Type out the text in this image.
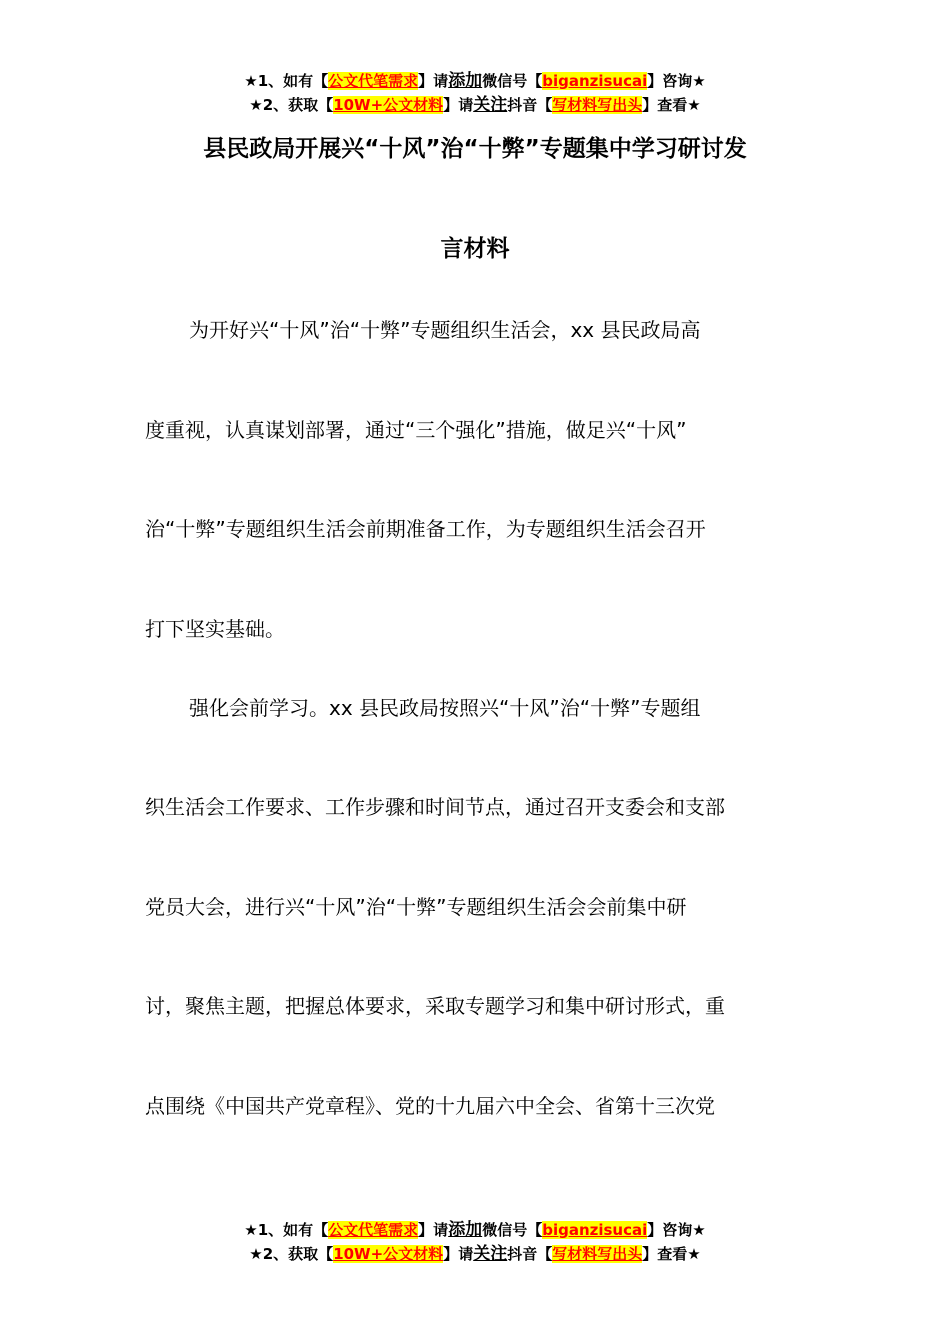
★1、如有【公文代笔需求】请添加微信号【biganzisucai】咨询★
★2、获取【10W+公文材料】请关注抖音【写材料写出头】查看★
县民政局开展兴“十风”治“十弊”专题集中学习研讨发
言材料
为开好兴“十风”治“十弊”专题组织生活会，xx 县民政局高
度重视，认真谋划部署，通过“三个强化”措施，做足兴“十风”
治“十弊”专题组织生活会前期准备工作，为专题组织生活会召开
打下坚实基础。
强化会前学习。xx 县民政局按照兴“十风”治“十弊”专题组
织生活会工作要求、工作步骤和时间节点，通过召开支委会和支部
党员大会，进行兴“十风”治“十弊”专题组织生活会会前集中研
讨，聚焦主题，把握总体要求，采取专题学习和集中研讨形式，重
点围绕《中国共产党章程》、党的十九届六中全会、省第十三次党
★1、如有【公文代笔需求】请添加微信号【biganzisucai】咨询★
★2、获取【10W+公文材料】请关注抖音【写材料写出头】查看★
